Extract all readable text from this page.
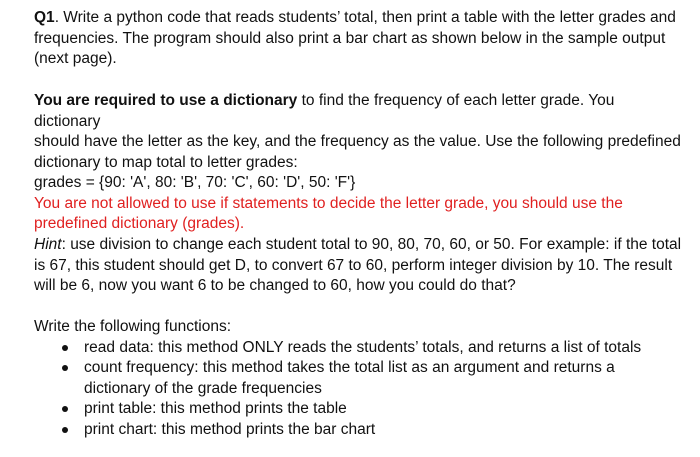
Q1. Write a python code that reads students’ total, then print a table with the letter grades and
frequencies. The program should also print a bar chart as shown below in the sample output
(next page).
You are required to use a dictionary to find the frequency of each letter grade. You dictionary
should have the letter as the key, and the frequency as the value. Use the following predefined
dictionary to map total to letter grades:
grades = {90: 'A', 80: 'B', 70: 'C', 60: 'D', 50: 'F'}
You are not allowed to use if statements to decide the letter grade, you should use the
predefined dictionary (grades).
Hint: use division to change each student total to 90, 80, 70, 60, or 50. For example: if the total
is 67, this student should get D, to convert 67 to 60, perform integer division by 10. The result
will be 6, now you want 6 to be changed to 60, how you could do that?
Write the following functions:
read data: this method ONLY reads the students’ totals, and returns a list of totals
count frequency: this method takes the total list as an argument and returns a
dictionary of the grade frequencies
print table: this method prints the table
print chart: this method prints the bar chart
